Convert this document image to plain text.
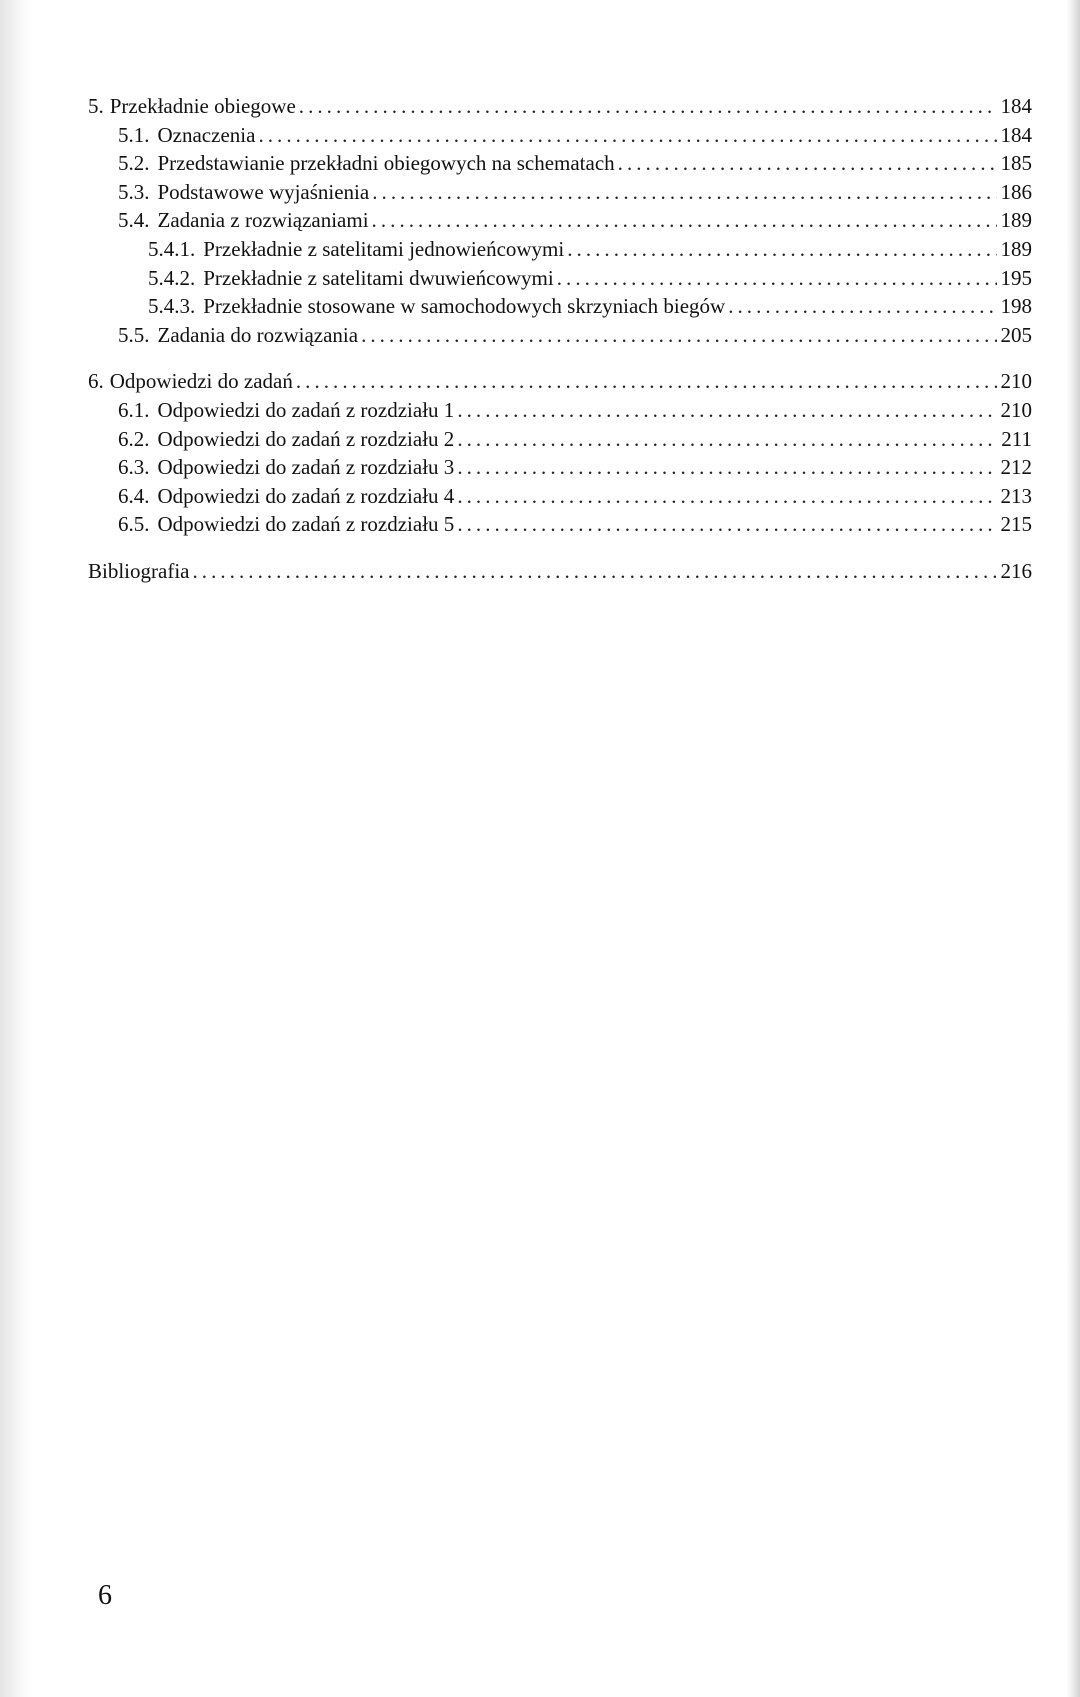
5. Przekładnie obiegowe . . .	184
5.1. Oznaczenia . . .	184
5.2. Przedstawianie przekładni obiegowych na schematach . . .	185
5.3. Podstawowe wyjaśnienia . . .	186
5.4. Zadania z rozwiązaniami . . .	189
5.4.1. Przekładnie z satelitami jednowieńcowymi . . .	189
5.4.2. Przekładnie z satelitami dwuwieńcowymi . . .	195
5.4.3. Przekładnie stosowane w samochodowych skrzyniach biegów . . .	198
5.5. Zadania do rozwiązania . . .	205
6. Odpowiedzi do zadań . . .	210
6.1. Odpowiedzi do zadań z rozdziału 1 . . .	210
6.2. Odpowiedzi do zadań z rozdziału 2 . . .	211
6.3. Odpowiedzi do zadań z rozdziału 3 . . .	212
6.4. Odpowiedzi do zadań z rozdziału 4 . . .	213
6.5. Odpowiedzi do zadań z rozdziału 5 . . .	215
Bibliografia . . .	216
6
